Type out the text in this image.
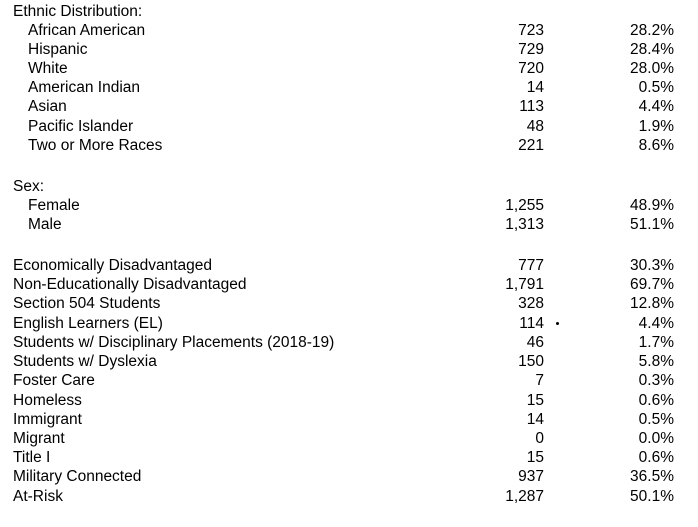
Ethnic Distribution:
African American	723	28.2%
Hispanic	729	28.4%
White	720	28.0%
American Indian	14	0.5%
Asian	113	4.4%
Pacific Islander	48	1.9%
Two or More Races	221	8.6%
Sex:
Female	1,255	48.9%
Male	1,313	51.1%
Economically Disadvantaged	777	30.3%
Non-Educationally Disadvantaged	1,791	69.7%
Section 504 Students	328	12.8%
English Learners (EL)	114	4.4%
Students w/ Disciplinary Placements (2018-19)	46	1.7%
Students w/ Dyslexia	150	5.8%
Foster Care	7	0.3%
Homeless	15	0.6%
Immigrant	14	0.5%
Migrant	0	0.0%
Title I	15	0.6%
Military Connected	937	36.5%
At-Risk	1,287	50.1%
